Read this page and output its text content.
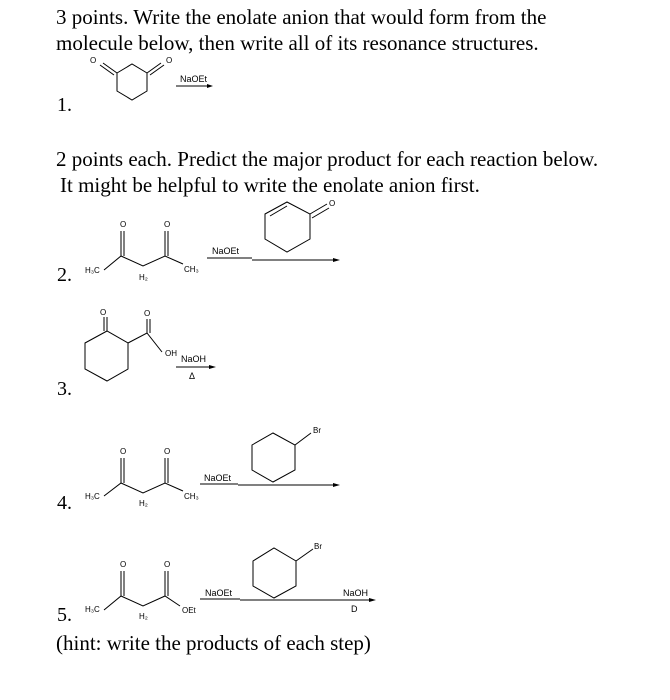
3 points. Write the enolate anion that would form from the
molecule below, then write all of its resonance structures.
1.
O	O
NaOEt
2 points each. Predict the major product for each reaction below.
It might be helpful to write the enolate anion first.
2.
O	O
H₃C
H₂
CH₃
O
NaOEt
3.
O	O
OH
NaOH
Δ
4.
O	O
H₃C
H₂
CH₃
Br
NaOEt
5.
O	O
H₃C
H₂
OEt
Br
NaOEt	NaOH
D
(hint: write the products of each step)
